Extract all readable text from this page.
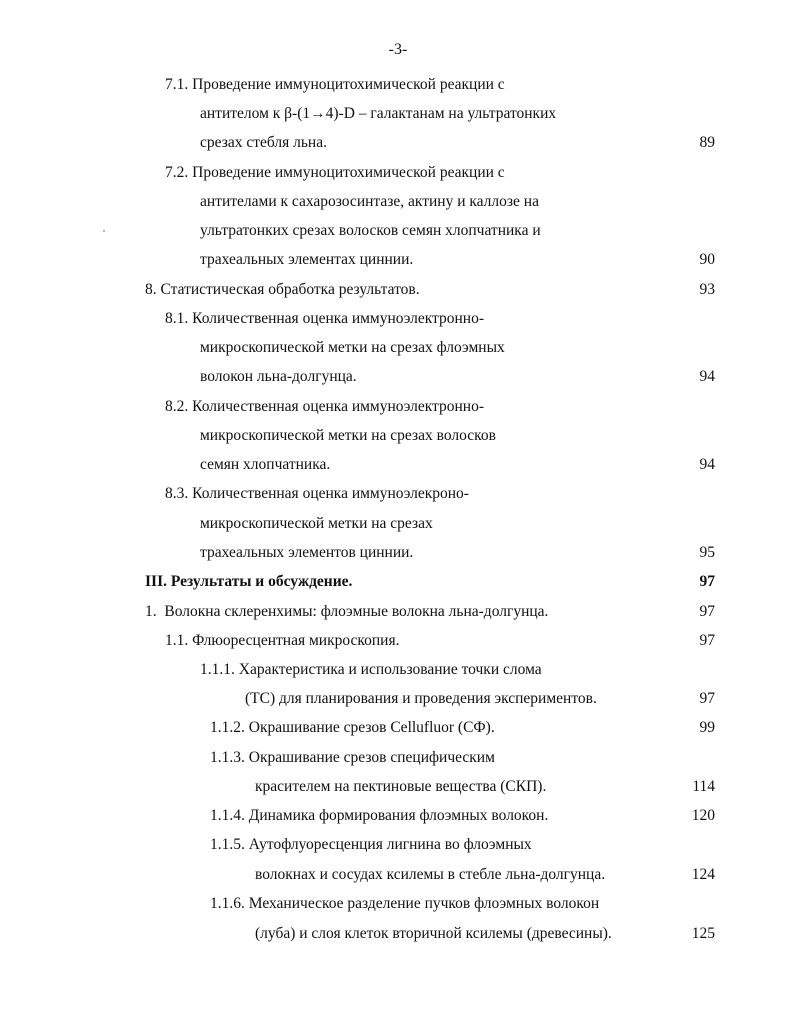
-3-
7.1. Проведение иммуноцитохимической реакции с
антителом к β-(1→4)-D – галактанам на ультратонких
срезах стебля льна.	89
7.2. Проведение иммуноцитохимической реакции с
антителами к сахарозосинтазе, актину и каллозе на
ультратонких срезах волосков семян хлопчатника и
трахеальных элементах циннии.	90
8. Статистическая обработка результатов.	93
8.1. Количественная оценка иммуноэлектронно-
микроскопической метки на срезах флоэмных
волокон льна-долгунца.	94
8.2. Количественная оценка иммуноэлектронно-
микроскопической метки на срезах волосков
семян хлопчатника.	94
8.3. Количественная оценка иммуноэлекроно-
микроскопической метки на срезах
трахеальных элементов циннии.	95
III. Результаты и обсуждение.	97
1.  Волокна склеренхимы: флоэмные волокна льна-долгунца.	97
1.1. Флюоресцентная микроскопия.	97
1.1.1. Характеристика и использование точки слома
(ТС) для планирования и проведения экспериментов.	97
1.1.2. Окрашивание срезов Cellufluor (СФ).	99
1.1.3. Окрашивание срезов специфическим
красителем на пектиновые вещества (СКП).	114
1.1.4. Динамика формирования флоэмных волокон.	120
1.1.5. Аутофлуоресценция лигнина во флоэмных
волокнах и сосудах ксилемы в стебле льна-долгунца.	124
1.1.6. Механическое разделение пучков флоэмных волокон
(луба) и слоя клеток вторичной ксилемы (древесины).	125
